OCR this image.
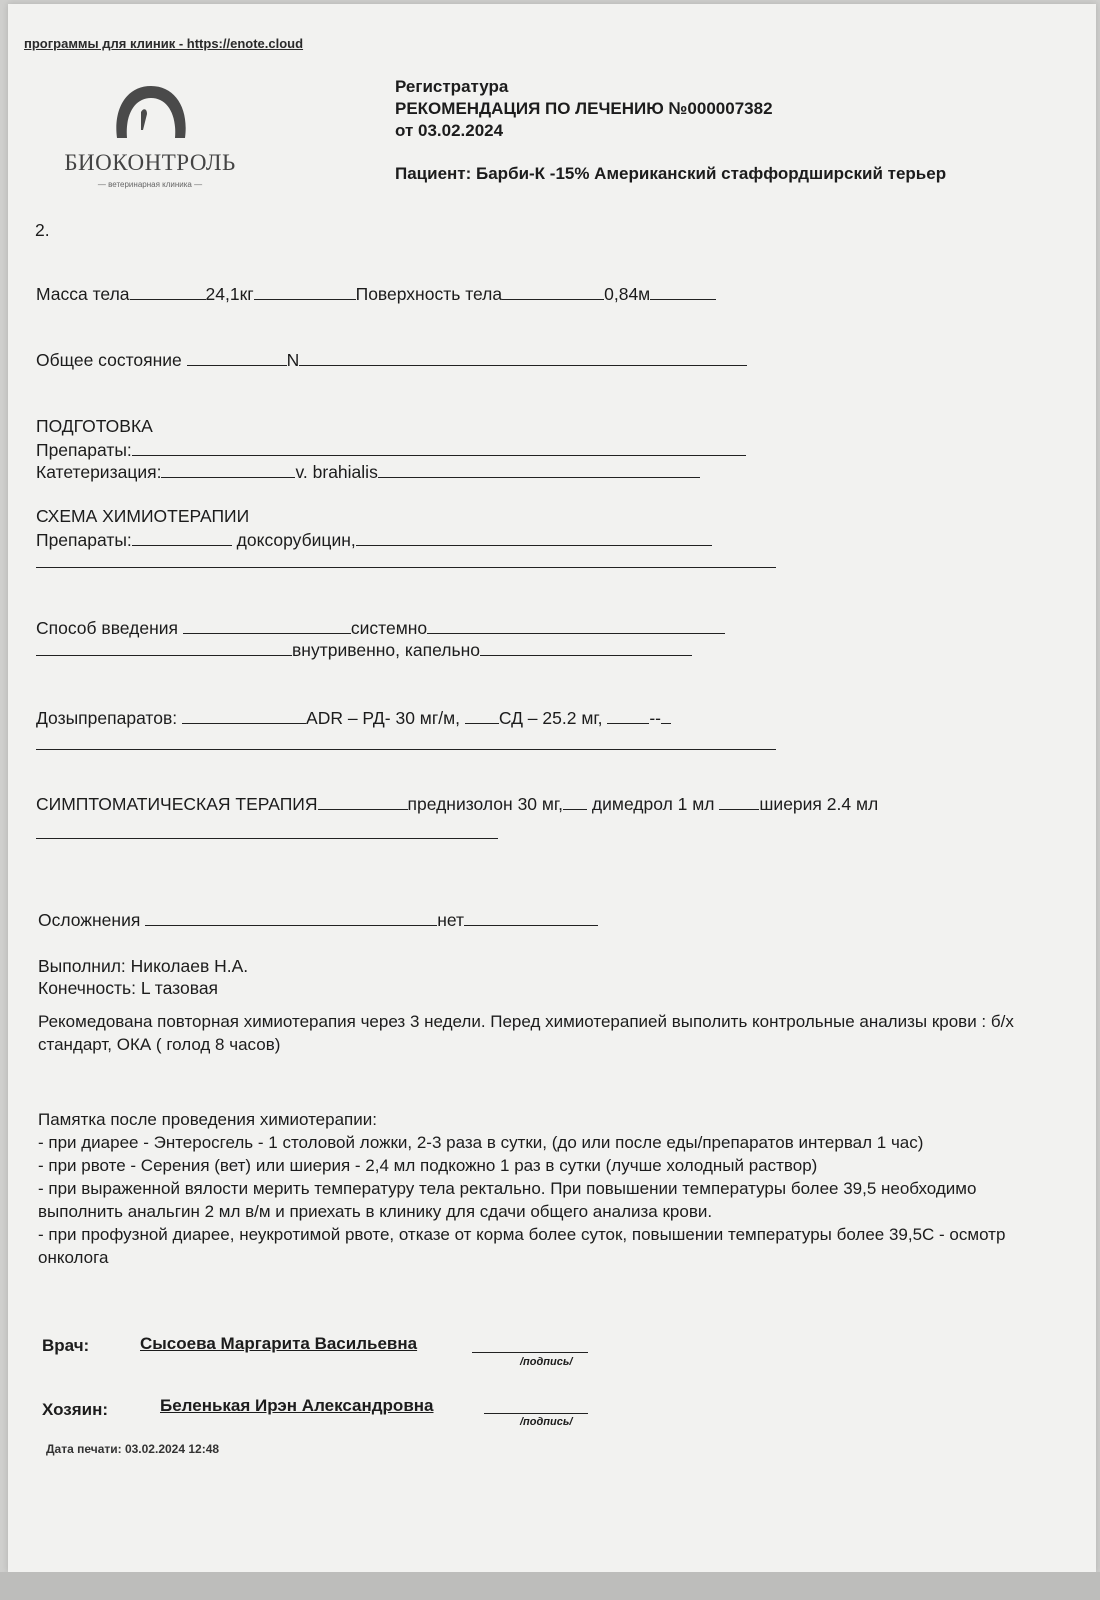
программы для клиник - https://enote.cloud
БИОКОНТРОЛЬ
— ветеринарная клиника —
Регистратура
РЕКОМЕНДАЦИЯ ПО ЛЕЧЕНИЮ №000007382
от 03.02.2024
Пациент: Барби-К -15% Американский стаффордширский терьер
2.
Масса тела	24,1кг	Поверхность тела	0,84м
Общее состояние	N
ПОДГОТОВКА
Препараты:
Катетеризация:	v. brahialis
СХЕМА ХИМИОТЕРАПИИ
Препараты:	доксорубицин,
Способ введения	системно
внутривенно, капельно
Дозыпрепаратов:	ADR – РД- 30 мг/м, СД – 25.2 мг,	--
СИМПТОМАТИЧЕСКАЯ ТЕРАПИЯ	преднизолон 30 мг, димедрол 1 мл	шиерия 2.4 мл
Осложнения	нет
Выполнил: Николаев Н.А.
Конечность: L тазовая
Рекомедована повторная химиотерапия через 3 недели. Перед химиотерапией выполить контрольные анализы крови : б/х стандарт, ОКА ( голод 8 часов)
Памятка после проведения химиотерапии:
- при диарее - Энтеросгель - 1 столовой ложки, 2-3 раза в сутки, (до или после еды/препаратов интервал 1 час)
- при рвоте - Серения (вет) или шиерия - 2,4 мл подкожно 1 раз в сутки (лучше холодный раствор)
- при выраженной вялости мерить температуру тела ректально. При повышении температуры более 39,5 необходимо выполнить анальгин 2 мл в/м и приехать в клинику для сдачи общего анализа крови.
- при профузной диарее, неукротимой рвоте, отказе от корма более суток, повышении температуры более 39,5С - осмотр онколога
Врач:	Сысоева Маргарита Васильевна
/подпись/
Хозяин:	Беленькая Ирэн Александровна
/подпись/
Дата печати: 03.02.2024 12:48
